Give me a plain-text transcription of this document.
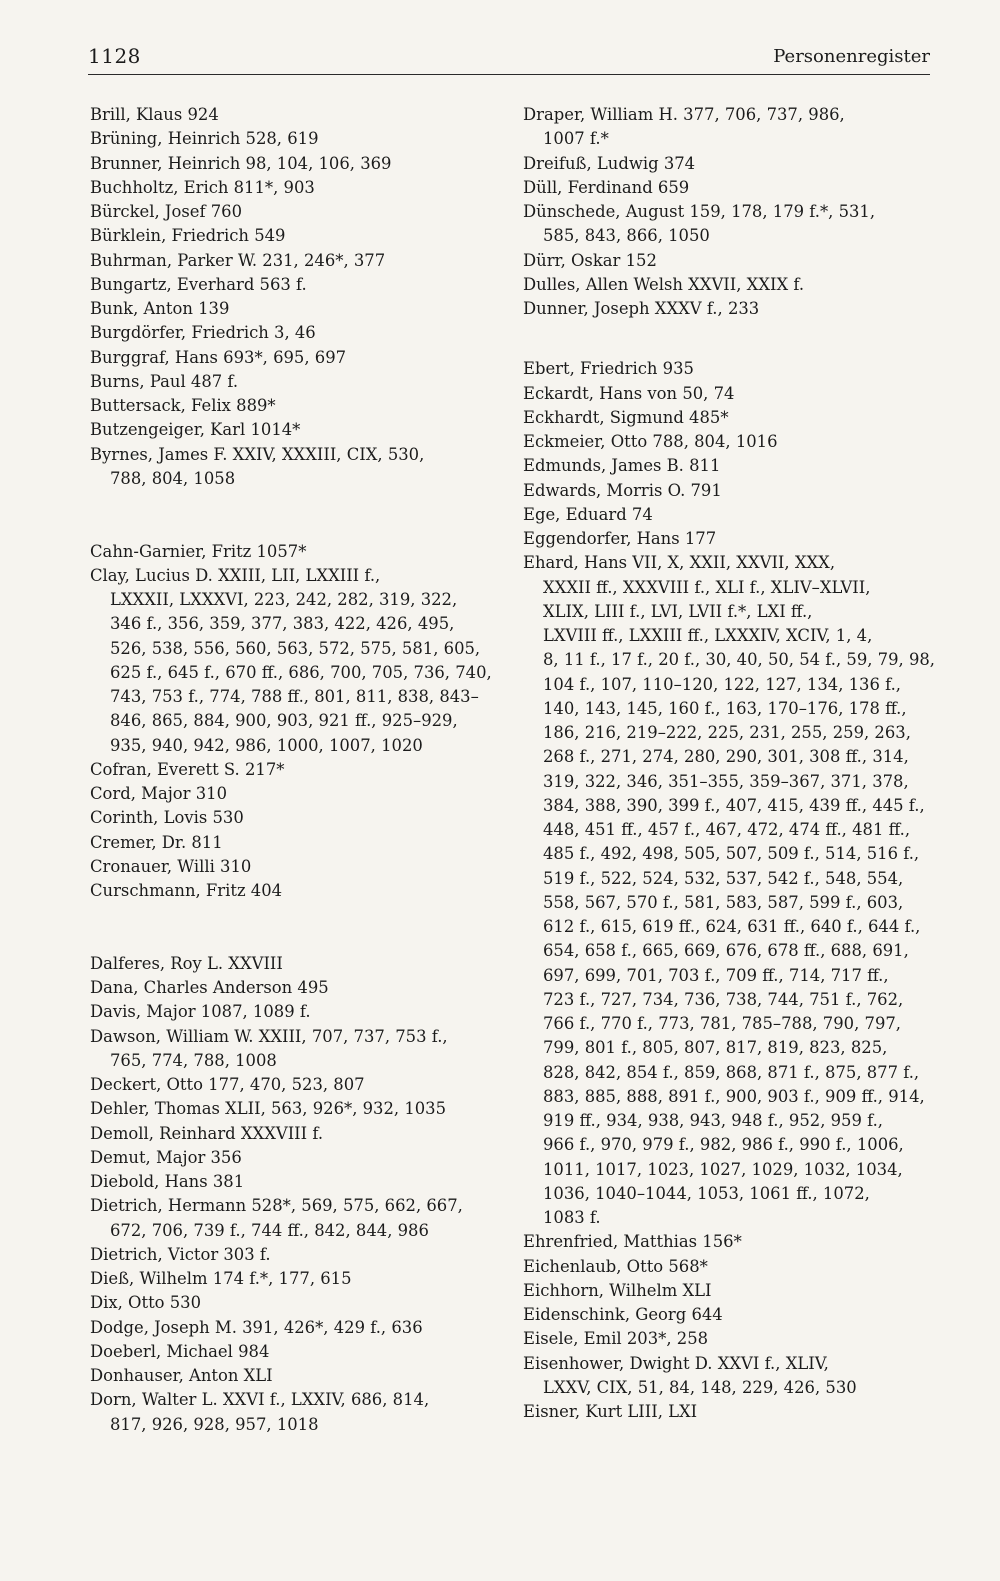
1128	Personenregister
Brill, Klaus 924
Brüning, Heinrich 528, 619
Brunner, Heinrich 98, 104, 106, 369
Buchholtz, Erich 811*, 903
Bürckel, Josef 760
Bürklein, Friedrich 549
Buhrman, Parker W. 231, 246*, 377
Bungartz, Everhard 563 f.
Bunk, Anton 139
Burgdörfer, Friedrich 3, 46
Burggraf, Hans 693*, 695, 697
Burns, Paul 487 f.
Buttersack, Felix 889*
Butzengeiger, Karl 1014*
Byrnes, James F. XXIV, XXXIII, CIX, 530,
788, 804, 1058
Cahn-Garnier, Fritz 1057*
Clay, Lucius D. XXIII, LII, LXXIII f.,
LXXXII, LXXXVI, 223, 242, 282, 319, 322,
346 f., 356, 359, 377, 383, 422, 426, 495,
526, 538, 556, 560, 563, 572, 575, 581, 605,
625 f., 645 f., 670 ff., 686, 700, 705, 736, 740,
743, 753 f., 774, 788 ff., 801, 811, 838, 843–
846, 865, 884, 900, 903, 921 ff., 925–929,
935, 940, 942, 986, 1000, 1007, 1020
Cofran, Everett S. 217*
Cord, Major 310
Corinth, Lovis 530
Cremer, Dr. 811
Cronauer, Willi 310
Curschmann, Fritz 404
Dalferes, Roy L. XXVIII
Dana, Charles Anderson 495
Davis, Major 1087, 1089 f.
Dawson, William W. XXIII, 707, 737, 753 f.,
765, 774, 788, 1008
Deckert, Otto 177, 470, 523, 807
Dehler, Thomas XLII, 563, 926*, 932, 1035
Demoll, Reinhard XXXVIII f.
Demut, Major 356
Diebold, Hans 381
Dietrich, Hermann 528*, 569, 575, 662, 667,
672, 706, 739 f., 744 ff., 842, 844, 986
Dietrich, Victor 303 f.
Dieß, Wilhelm 174 f.*, 177, 615
Dix, Otto 530
Dodge, Joseph M. 391, 426*, 429 f., 636
Doeberl, Michael 984
Donhauser, Anton XLI
Dorn, Walter L. XXVI f., LXXIV, 686, 814,
817, 926, 928, 957, 1018
Draper, William H. 377, 706, 737, 986,
1007 f.*
Dreifuß, Ludwig 374
Düll, Ferdinand 659
Dünschede, August 159, 178, 179 f.*, 531,
585, 843, 866, 1050
Dürr, Oskar 152
Dulles, Allen Welsh XXVII, XXIX f.
Dunner, Joseph XXXV f., 233
Ebert, Friedrich 935
Eckardt, Hans von 50, 74
Eckhardt, Sigmund 485*
Eckmeier, Otto 788, 804, 1016
Edmunds, James B. 811
Edwards, Morris O. 791
Ege, Eduard 74
Eggendorfer, Hans 177
Ehard, Hans VII, X, XXII, XXVII, XXX,
XXXII ff., XXXVIII f., XLI f., XLIV–XLVII,
XLIX, LIII f., LVI, LVII f.*, LXI ff.,
LXVIII ff., LXXIII ff., LXXXIV, XCIV, 1, 4,
8, 11 f., 17 f., 20 f., 30, 40, 50, 54 f., 59, 79, 98,
104 f., 107, 110–120, 122, 127, 134, 136 f.,
140, 143, 145, 160 f., 163, 170–176, 178 ff.,
186, 216, 219–222, 225, 231, 255, 259, 263,
268 f., 271, 274, 280, 290, 301, 308 ff., 314,
319, 322, 346, 351–355, 359–367, 371, 378,
384, 388, 390, 399 f., 407, 415, 439 ff., 445 f.,
448, 451 ff., 457 f., 467, 472, 474 ff., 481 ff.,
485 f., 492, 498, 505, 507, 509 f., 514, 516 f.,
519 f., 522, 524, 532, 537, 542 f., 548, 554,
558, 567, 570 f., 581, 583, 587, 599 f., 603,
612 f., 615, 619 ff., 624, 631 ff., 640 f., 644 f.,
654, 658 f., 665, 669, 676, 678 ff., 688, 691,
697, 699, 701, 703 f., 709 ff., 714, 717 ff.,
723 f., 727, 734, 736, 738, 744, 751 f., 762,
766 f., 770 f., 773, 781, 785–788, 790, 797,
799, 801 f., 805, 807, 817, 819, 823, 825,
828, 842, 854 f., 859, 868, 871 f., 875, 877 f.,
883, 885, 888, 891 f., 900, 903 f., 909 ff., 914,
919 ff., 934, 938, 943, 948 f., 952, 959 f.,
966 f., 970, 979 f., 982, 986 f., 990 f., 1006,
1011, 1017, 1023, 1027, 1029, 1032, 1034,
1036, 1040–1044, 1053, 1061 ff., 1072,
1083 f.
Ehrenfried, Matthias 156*
Eichenlaub, Otto 568*
Eichhorn, Wilhelm XLI
Eidenschink, Georg 644
Eisele, Emil 203*, 258
Eisenhower, Dwight D. XXVI f., XLIV,
LXXV, CIX, 51, 84, 148, 229, 426, 530
Eisner, Kurt LIII, LXI
